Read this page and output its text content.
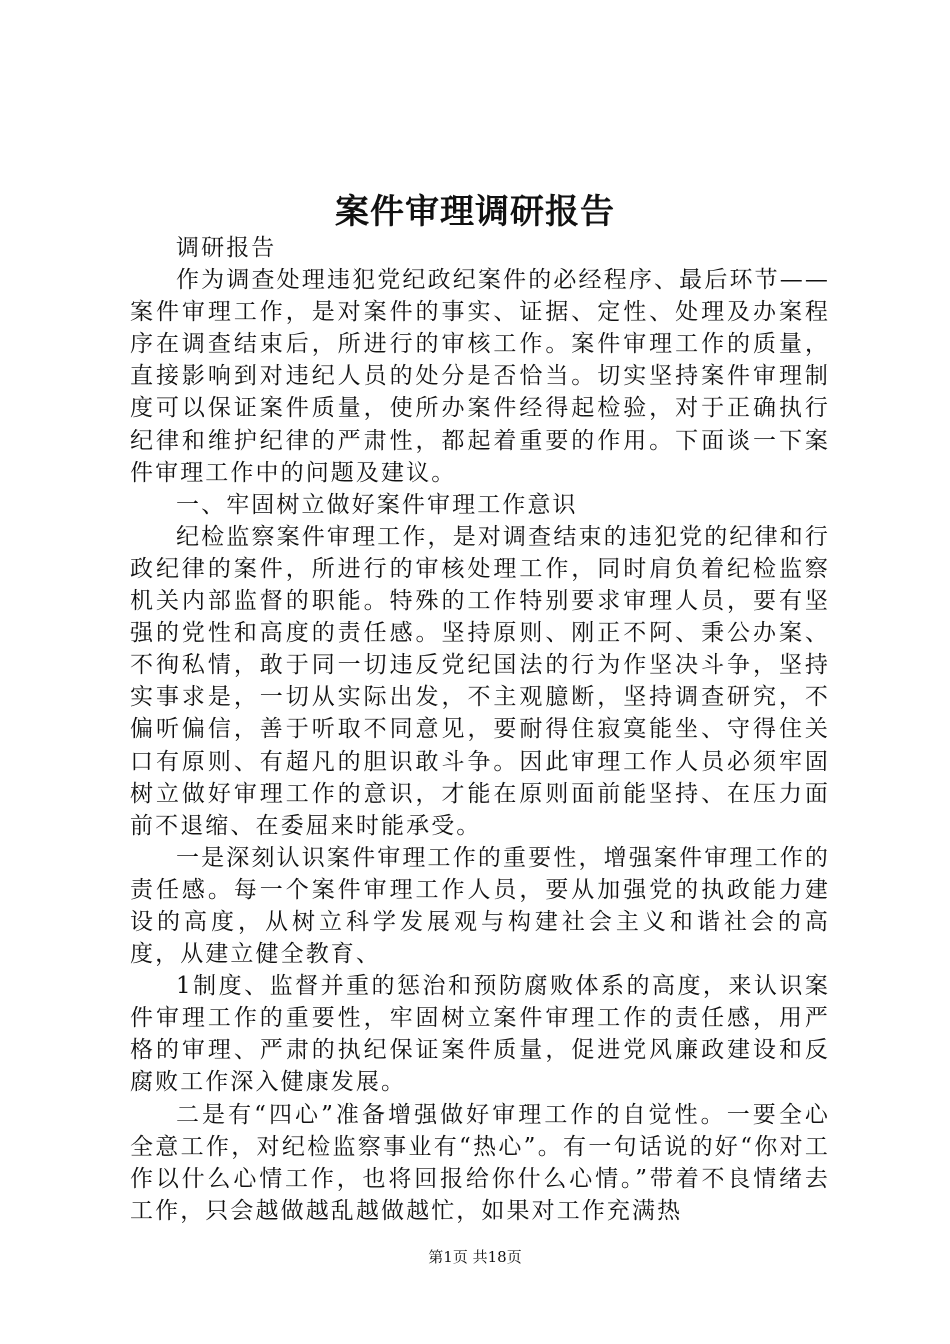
案件审理调研报告

调研报告

作为调查处理违犯党纪政纪案件的必经程序、最后环节——案件审理工作，是对案件的事实、证据、定性、处理及办案程序在调查结束后，所进行的审核工作。案件审理工作的质量，直接影响到对违纪人员的处分是否恰当。切实坚持案件审理制度可以保证案件质量，使所办案件经得起检验，对于正确执行纪律和维护纪律的严肃性，都起着重要的作用。下面谈一下案件审理工作中的问题及建议。

一、牢固树立做好案件审理工作意识

纪检监察案件审理工作，是对调查结束的违犯党的纪律和行政纪律的案件，所进行的审核处理工作，同时肩负着纪检监察机关内部监督的职能。特殊的工作特别要求审理人员，要有坚强的党性和高度的责任感。坚持原则、刚正不阿、秉公办案、不徇私情，敢于同一切违反党纪国法的行为作坚决斗争，坚持实事求是，一切从实际出发，不主观臆断，坚持调查研究，不偏听偏信，善于听取不同意见，要耐得住寂寞能坐、守得住关口有原则、有超凡的胆识敢斗争。因此审理工作人员必须牢固树立做好审理工作的意识，才能在原则面前能坚持、在压力面前不退缩、在委屈来时能承受。

一是深刻认识案件审理工作的重要性，增强案件审理工作的责任感。每一个案件审理工作人员，要从加强党的执政能力建设的高度，从树立科学发展观与构建社会主义和谐社会的高度，从建立健全教育、

1制度、监督并重的惩治和预防腐败体系的高度，来认识案件审理工作的重要性，牢固树立案件审理工作的责任感，用严格的审理、严肃的执纪保证案件质量，促进党风廉政建设和反腐败工作深入健康发展。

二是有“四心”准备增强做好审理工作的自觉性。一要全心全意工作，对纪检监察事业有“热心”。有一句话说的好“你对工作以什么心情工作，也将回报给你什么心情。”带着不良情绪去工作，只会越做越乱越做越忙，如果对工作充满热

第1页 共18页
